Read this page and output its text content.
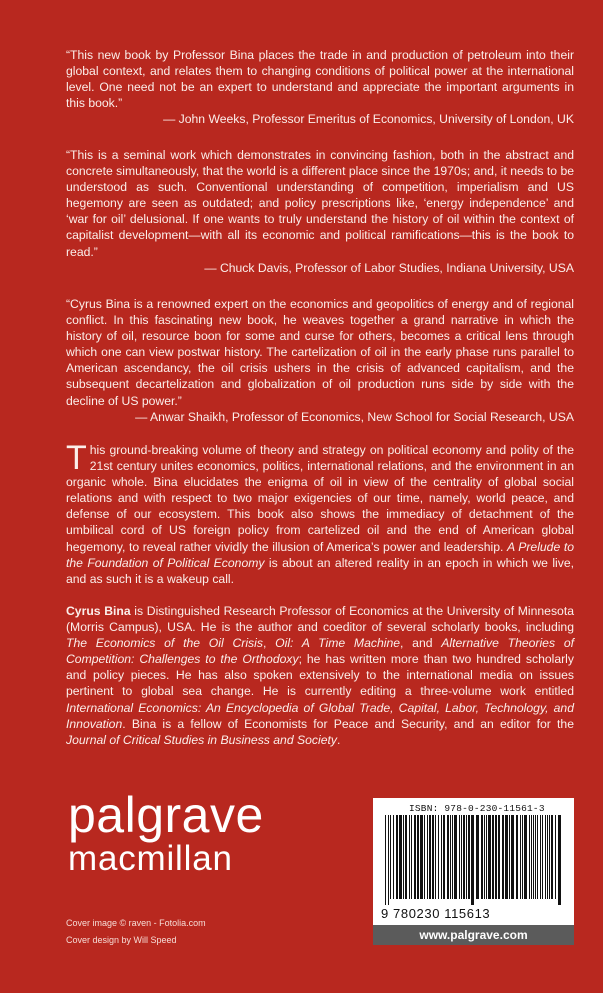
“This new book by Professor Bina places the trade in and production of petroleum into their global context, and relates them to changing conditions of political power at the international level. One need not be an expert to understand and appreciate the important arguments in this book.”

— John Weeks, Professor Emeritus of Economics, University of London, UK

“This is a seminal work which demonstrates in convincing fashion, both in the abstract and concrete simultaneously, that the world is a different place since the 1970s; and, it needs to be understood as such. Conventional understanding of competition, imperialism and US hegemony are seen as outdated; and policy prescriptions like, ‘energy independence’ and ‘war for oil’ delusional. If one wants to truly understand the history of oil within the context of capitalist development—with all its economic and political ramifications—this is the book to read.”

— Chuck Davis, Professor of Labor Studies, Indiana University, USA

“Cyrus Bina is a renowned expert on the economics and geopolitics of energy and of regional conflict. In this fascinating new book, he weaves together a grand narrative in which the history of oil, resource boon for some and curse for others, becomes a critical lens through which one can view postwar history. The cartelization of oil in the early phase runs parallel to American ascendancy, the oil crisis ushers in the crisis of advanced capitalism, and the subsequent decartelization and globalization of oil production runs side by side with the decline of US power.”

— Anwar Shaikh, Professor of Economics, New School for Social Research, USA

This ground-breaking volume of theory and strategy on political economy and polity of the 21st century unites economics, politics, international relations, and the environment in an organic whole. Bina elucidates the enigma of oil in view of the centrality of global social relations and with respect to two major exigencies of our time, namely, world peace, and defense of our ecosystem. This book also shows the immediacy of detachment of the umbilical cord of US foreign policy from cartelized oil and the end of American global hegemony, to reveal rather vividly the illusion of America’s power and leadership. A Prelude to the Foundation of Political Economy is about an altered reality in an epoch in which we live, and as such it is a wakeup call.
Cyrus Bina is Distinguished Research Professor of Economics at the University of Minnesota (Morris Campus), USA. He is the author and coeditor of several scholarly books, including The Economics of the Oil Crisis, Oil: A Time Machine, and Alternative Theories of Competition: Challenges to the Orthodoxy; he has written more than two hundred scholarly and policy pieces. He has also spoken extensively to the international media on issues pertinent to global sea change. He is currently editing a three-volume work entitled International Economics: An Encyclopedia of Global Trade, Capital, Labor, Technology, and Innovation. Bina is a fellow of Economists for Peace and Security, and an editor for the Journal of Critical Studies in Business and Society.
palgrave
macmillan
Cover image © raven - Fotolia.com
Cover design by Will Speed
ISBN: 978-0-230-11561-3
9 780230 115613
www.palgrave.com
